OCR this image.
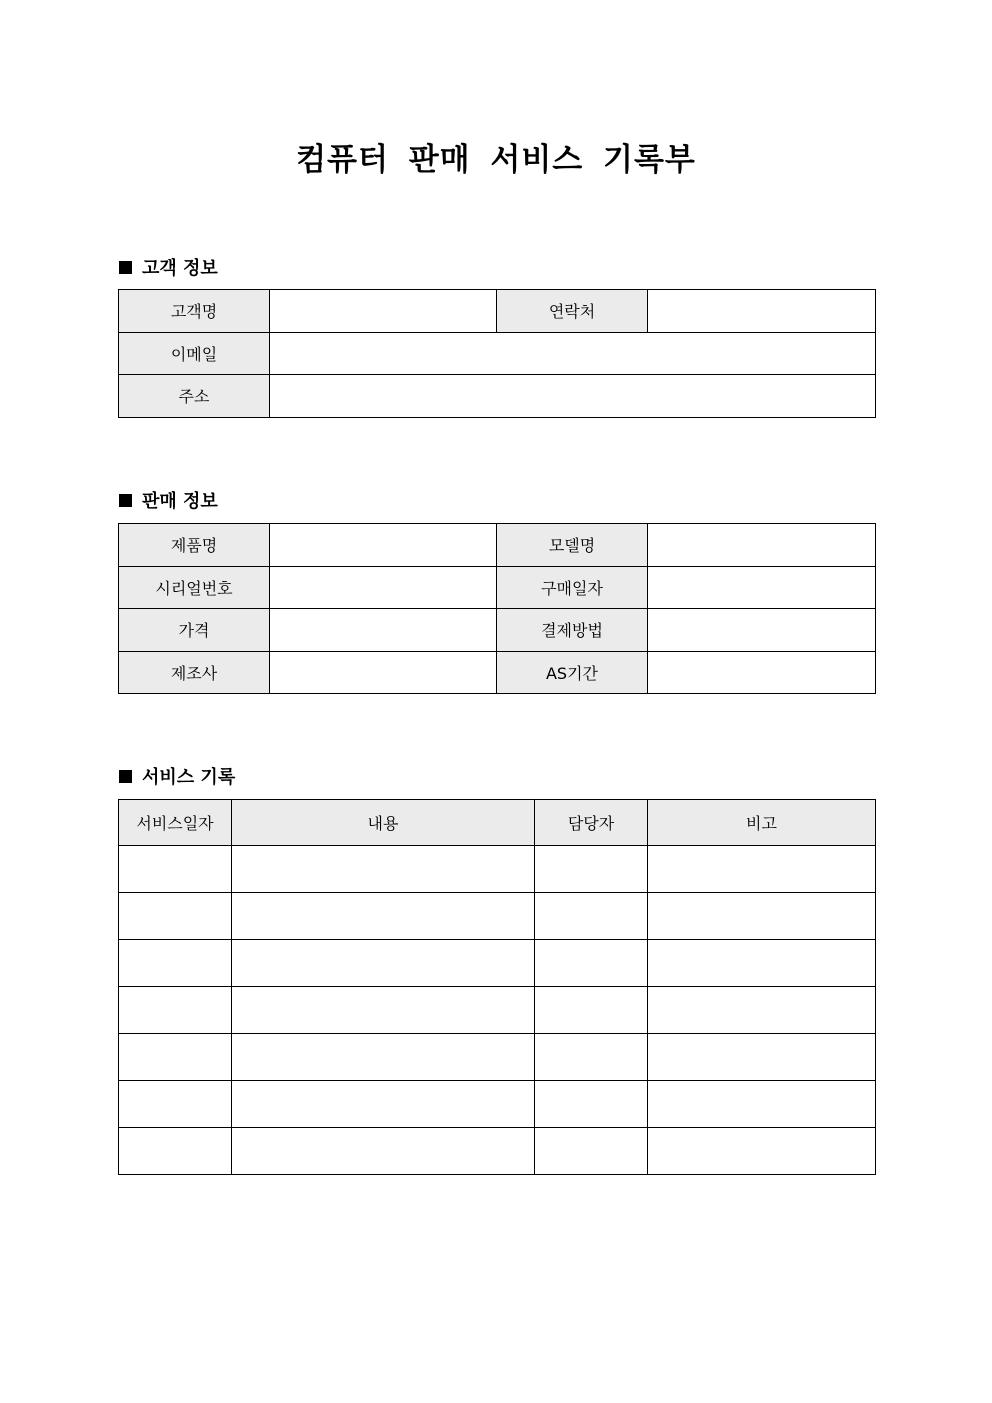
컴퓨터 판매 서비스 기록부
고객 정보
고객명		연락처	
이메일			
주소			
판매 정보
제품명		모델명	
시리얼번호		구매일자	
가격		결제방법	
제조사		AS기간	
서비스 기록
서비스일자	내용	담당자	비고
